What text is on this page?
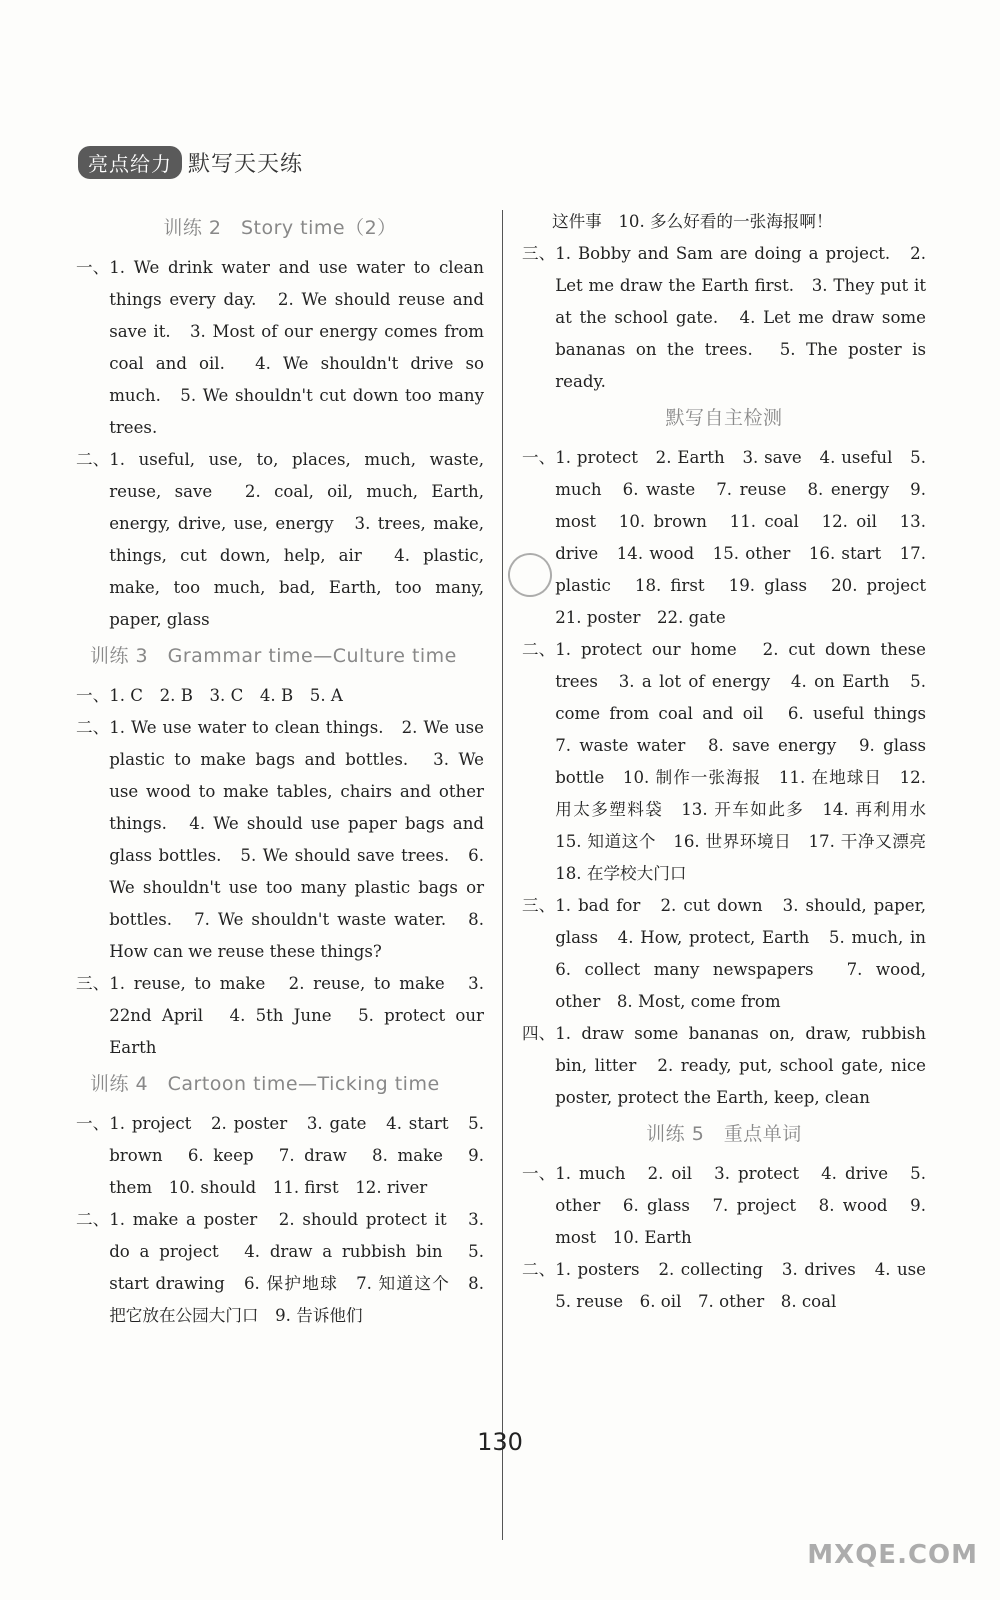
亮点给力 默写天天练
训练 2　Story time（2）
一、 1. We drink water and use water to clean things every day.　2. We should reuse and save it.　3. Most of our energy comes from coal and oil.　4. We shouldn't drive so much.　5. We shouldn't cut down too many trees.
二、 1. useful, use, to, places, much, waste, reuse, save　2. coal, oil, much, Earth, energy, drive, use, energy　3. trees, make, things, cut down, help, air　4. plastic, make, too much, bad, Earth, too many, paper, glass
训练 3　Grammar time—Culture time
一、 1. C　2. B　3. C　4. B　5. A
二、 1. We use water to clean things.　2. We use plastic to make bags and bottles.　3. We use wood to make tables, chairs and other things.　4. We should use paper bags and glass bottles.　5. We should save trees.　6. We shouldn't use too many plastic bags or bottles.　7. We shouldn't waste water.　8. How can we reuse these things?
三、 1. reuse, to make　2. reuse, to make　3. 22nd April　4. 5th June　5. protect our Earth
训练 4　Cartoon time—Ticking time
一、 1. project　2. poster　3. gate　4. start　5. brown　6. keep　7. draw　8. make　9. them　10. should　11. first　12. river
二、 1. make a poster　2. should protect it　3. do a project　4. draw a rubbish bin　5. start drawing　6. 保护地球　7. 知道这个　8. 把它放在公园大门口　9. 告诉他们
这件事　10. 多么好看的一张海报啊！
三、 1. Bobby and Sam are doing a project.　2. Let me draw the Earth first.　3. They put it at the school gate.　4. Let me draw some bananas on the trees.　5. The poster is ready.
默写自主检测
一、 1. protect　2. Earth　3. save　4. useful　5. much　6. waste　7. reuse　8. energy　9. most　10. brown　11. coal　12. oil　13. drive　14. wood　15. other　16. start　17. plastic　18. first　19. glass　20. project　21. poster　22. gate
二、 1. protect our home　2. cut down these trees　3. a lot of energy　4. on Earth　5. come from coal and oil　6. useful things　7. waste water　8. save energy　9. glass bottle　10. 制作一张海报　11. 在地球日　12. 用太多塑料袋　13. 开车如此多　14. 再利用水　15. 知道这个　16. 世界环境日　17. 干净又漂亮　18. 在学校大门口
三、 1. bad for　2. cut down　3. should, paper, glass　4. How, protect, Earth　5. much, in　6. collect many newspapers　7. wood, other　8. Most, come from
四、 1. draw some bananas on, draw, rubbish bin, litter　2. ready, put, school gate, nice poster, protect the Earth, keep, clean
训练 5　重点单词
一、 1. much　2. oil　3. protect　4. drive　5. other　6. glass　7. project　8. wood　9. most　10. Earth
二、 1. posters　2. collecting　3. drives　4. use　5. reuse　6. oil　7. other　8. coal
130
MXQE.COM
